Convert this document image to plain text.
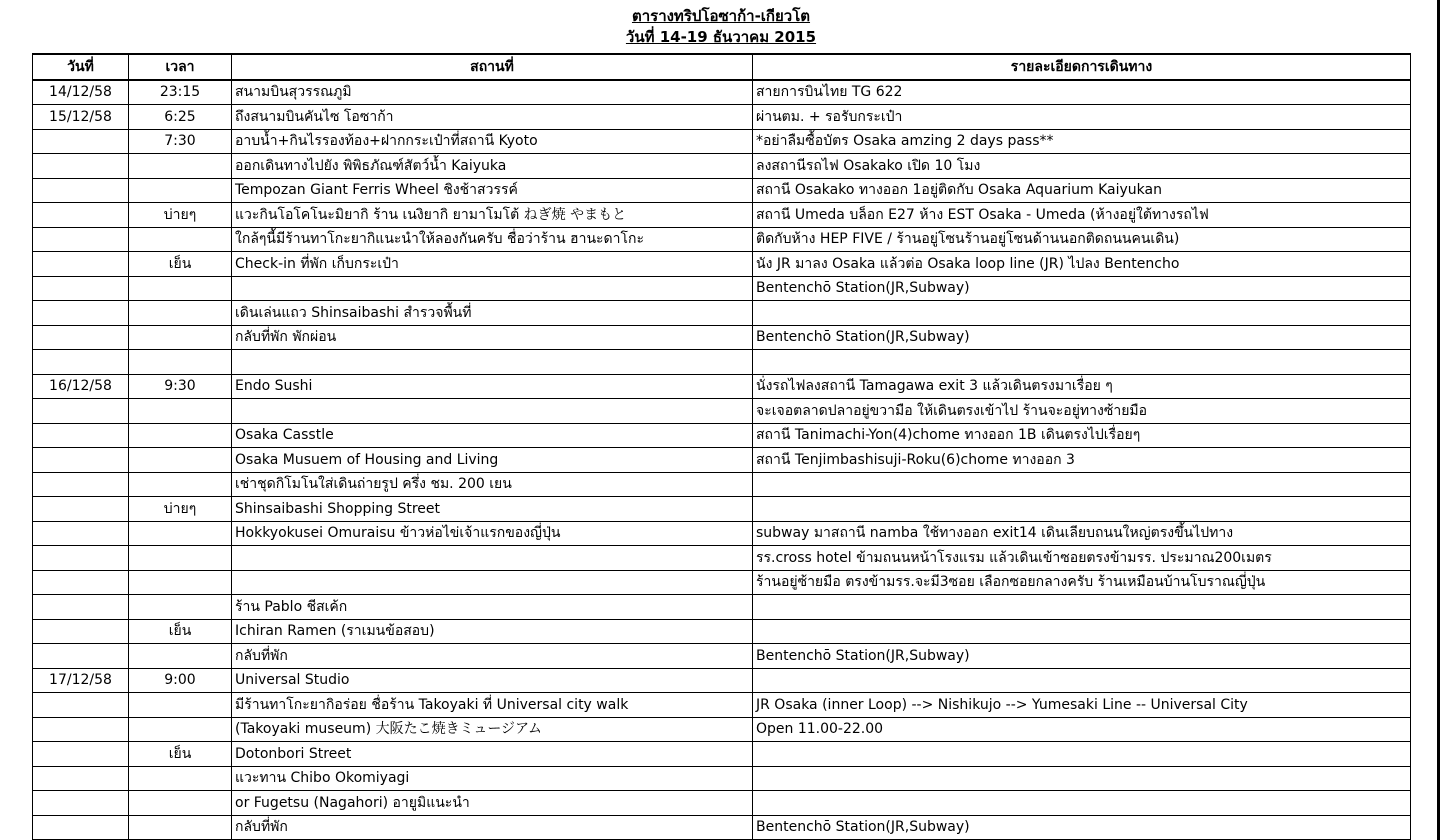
ตารางทริปโอซาก้า-เกียวโต
วันที่ 14-19 ธันวาคม 2015
วันที่	เวลา	สถานที่	รายละเอียดการเดินทาง
14/12/58	23:15	สนามบินสุวรรณภูมิ	สายการบินไทย TG 622
15/12/58	6:25	ถึงสนามบินคันไซ โอซาก้า	ผ่านตม. + รอรับกระเป๋า
	7:30	อาบน้ำ+กินไรรองท้อง+ฝากกระเป๋าที่สถานี Kyoto	*อย่าลืมซื้อบัตร Osaka amzing 2 days pass**
		ออกเดินทางไปยัง พิพิธภัณฑ์สัตว์น้ำ Kaiyuka	ลงสถานีรถไฟ Osakako เปิด 10 โมง
		Tempozan Giant Ferris Wheel ชิงช้าสวรรค์	สถานี Osakako ทางออก 1อยู่ติดกับ Osaka Aquarium Kaiyukan
	บ่ายๆ	แวะกินโอโคโนะมิยากิ ร้าน เนงิยากิ ยามาโมโต้ ねぎ焼 やまもと	สถานี Umeda บล็อก E27 ห้าง EST Osaka - Umeda (ห้างอยู่ใต้ทางรถไฟ
		ใกล้ๆนี้มีร้านทาโกะยากิแนะนำให้ลองกันครับ ชื่อว่าร้าน ฮานะดาโกะ	ติดกับห้าง HEP FIVE / ร้านอยู่โซนร้านอยู่โซนด้านนอกติดถนนคนเดิน)
	เย็น	Check-in ที่พัก เก็บกระเป๋า	นัง JR มาลง Osaka แล้วต่อ Osaka loop line (JR) ไปลง Bentencho
			Bentenchō Station(JR,Subway)
		เดินเล่นแถว Shinsaibashi สำรวจพื้นที่	
		กลับที่พัก พักผ่อน	Bentenchō Station(JR,Subway)

16/12/58	9:30	Endo Sushi	นั่งรถไฟลงสถานี Tamagawa exit 3 แล้วเดินตรงมาเรื่อย ๆ
			จะเจอตลาดปลาอยู่ขวามือ ให้เดินตรงเข้าไป ร้านจะอยู่ทางซ้ายมือ
		Osaka Casstle	สถานี Tanimachi-Yon(4)chome ทางออก 1B เดินตรงไปเรื่อยๆ
		Osaka Musuem of Housing and Living	สถานี Tenjimbashisuji-Roku(6)chome ทางออก 3
		เช่าชุดกิโมโนใส่เดินถ่ายรูป ครึ่ง ชม. 200 เยน	
	บ่ายๆ	Shinsaibashi Shopping Street	
		Hokkyokusei Omuraisu ข้าวห่อไข่เจ้าแรกของญี่ปุ่น	subway มาสถานี namba ใช้ทางออก exit14 เดินเลียบถนนใหญ่ตรงขึ้นไปทาง
			รร.cross hotel ข้ามถนนหน้าโรงแรม แล้วเดินเข้าซอยตรงข้ามรร. ประมาณ200เมตร
			ร้านอยู่ซ้ายมือ ตรงข้ามรร.จะมี3ซอย เลือกซอยกลางครับ ร้านเหมือนบ้านโบราณญี่ปุ่น
		ร้าน Pablo ชีสเค้ก	
	เย็น	Ichiran Ramen (ราเมนข้อสอบ)	
		กลับที่พัก	Bentenchō Station(JR,Subway)
17/12/58	9:00	Universal Studio	
		มีร้านทาโกะยากิอร่อย ชื่อร้าน Takoyaki ที่ Universal city walk	JR Osaka (inner Loop) --> Nishikujo --> Yumesaki Line -- Universal City
		(Takoyaki museum) 大阪たこ焼きミュージアム	Open 11.00-22.00
	เย็น	Dotonbori Street	
		แวะทาน Chibo Okomiyagi	
		or Fugetsu (Nagahori) อายูมิแนะนำ	
		กลับที่พัก	Bentenchō Station(JR,Subway)
